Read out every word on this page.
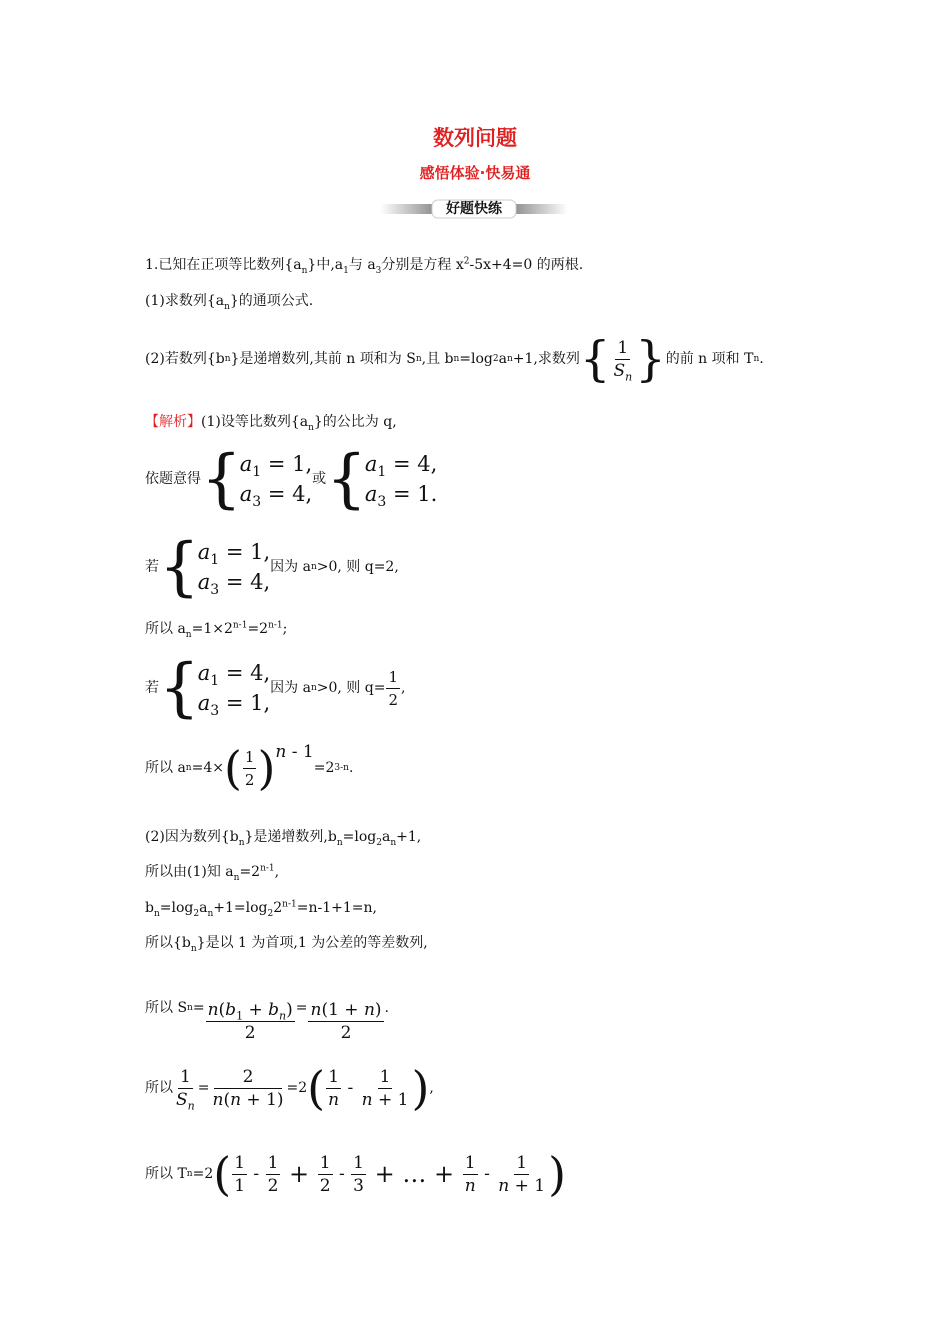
数列问题
感悟体验·快易通
好题快练
1.已知在正项等比数列$\{a_n\}$中$,a_1$与 $a_3$分别是方程 $x^2-5x+4=0$ 的两根.
(1)求数列$\{a_n\}$的通项公式.
(2)若数列{b n }是递增数列,其前 n 项和为 S n ,且 b n =log 2 a n +1,求数列 { $\frac{1}{S_n}$ } 的前 n 项和 T n .
【解析】(1)设等比数列$\{a_n\}$的公比为 q,
依题意得 {
$a_1 = 1$,
$a_3 = 4$,
或 {
$a_1 = 4$,
$a_3 = 1$.
若 {
$a_1 = 1$,
$a_3 = 4$,
因为 a n >0, 则 q=2,
所以 $a_n=1\times 2^{n-1}=2^{n-1}$;
若 {
$a_1 = 4$,
$a_3 = 1$,
因为 a n >0, 则 $q= \frac{1}{2}$ ,
所以 a n =4× ( $\frac{1}{2}$ ) n - 1
=2 3-n .
(2)因为数列$\{b_n\}$是递增数列$,b_n=\log_2a_n+1$,
所以由(1)知 $a_n=2^{n-1}$,
$b_n=\log_2a_n+1=\log_22^{n-1}=n-1+1=n$,
所以$\{b_n\}$是以 1 为首项,1 为公差的等差数列,
所以 S $n = \frac{n(b_1 + b_n)}{2} = \frac{n(1 + n)}{2}$ .
所以 $\frac{1}{S_n} = \frac{2}{n(n + 1)} =2$ ( $\frac{1}{n} - \frac{1}{n + 1}$ ) ,
所以 T n =2 ( $\frac{1}{1} - \frac{1}{2} + \frac{1}{2} - \frac{1}{3}$ + … + $\frac{1}{n} - \frac{1}{n + 1}$ )
